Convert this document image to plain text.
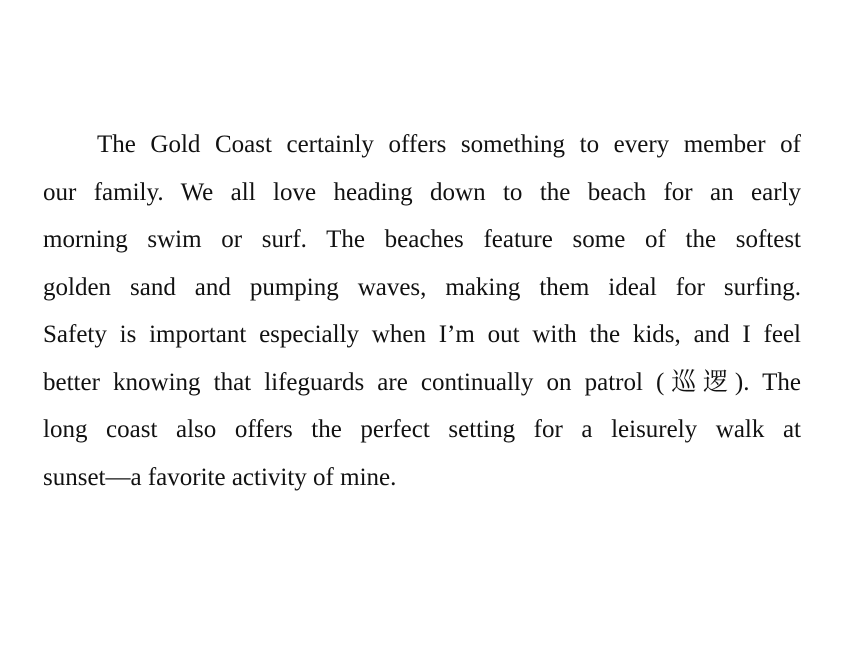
The Gold Coast certainly offers something to every member of
our family. We all love heading down to the beach for an early
morning swim or surf. The beaches feature some of the softest
golden sand and pumping waves, making them ideal for surfing.
Safety is important especially when I’m out with the kids, and I feel
better knowing that lifeguards are continually on patrol (巡逻). The
long coast also offers the perfect setting for a leisurely walk at
sunset—a favorite activity of mine.
